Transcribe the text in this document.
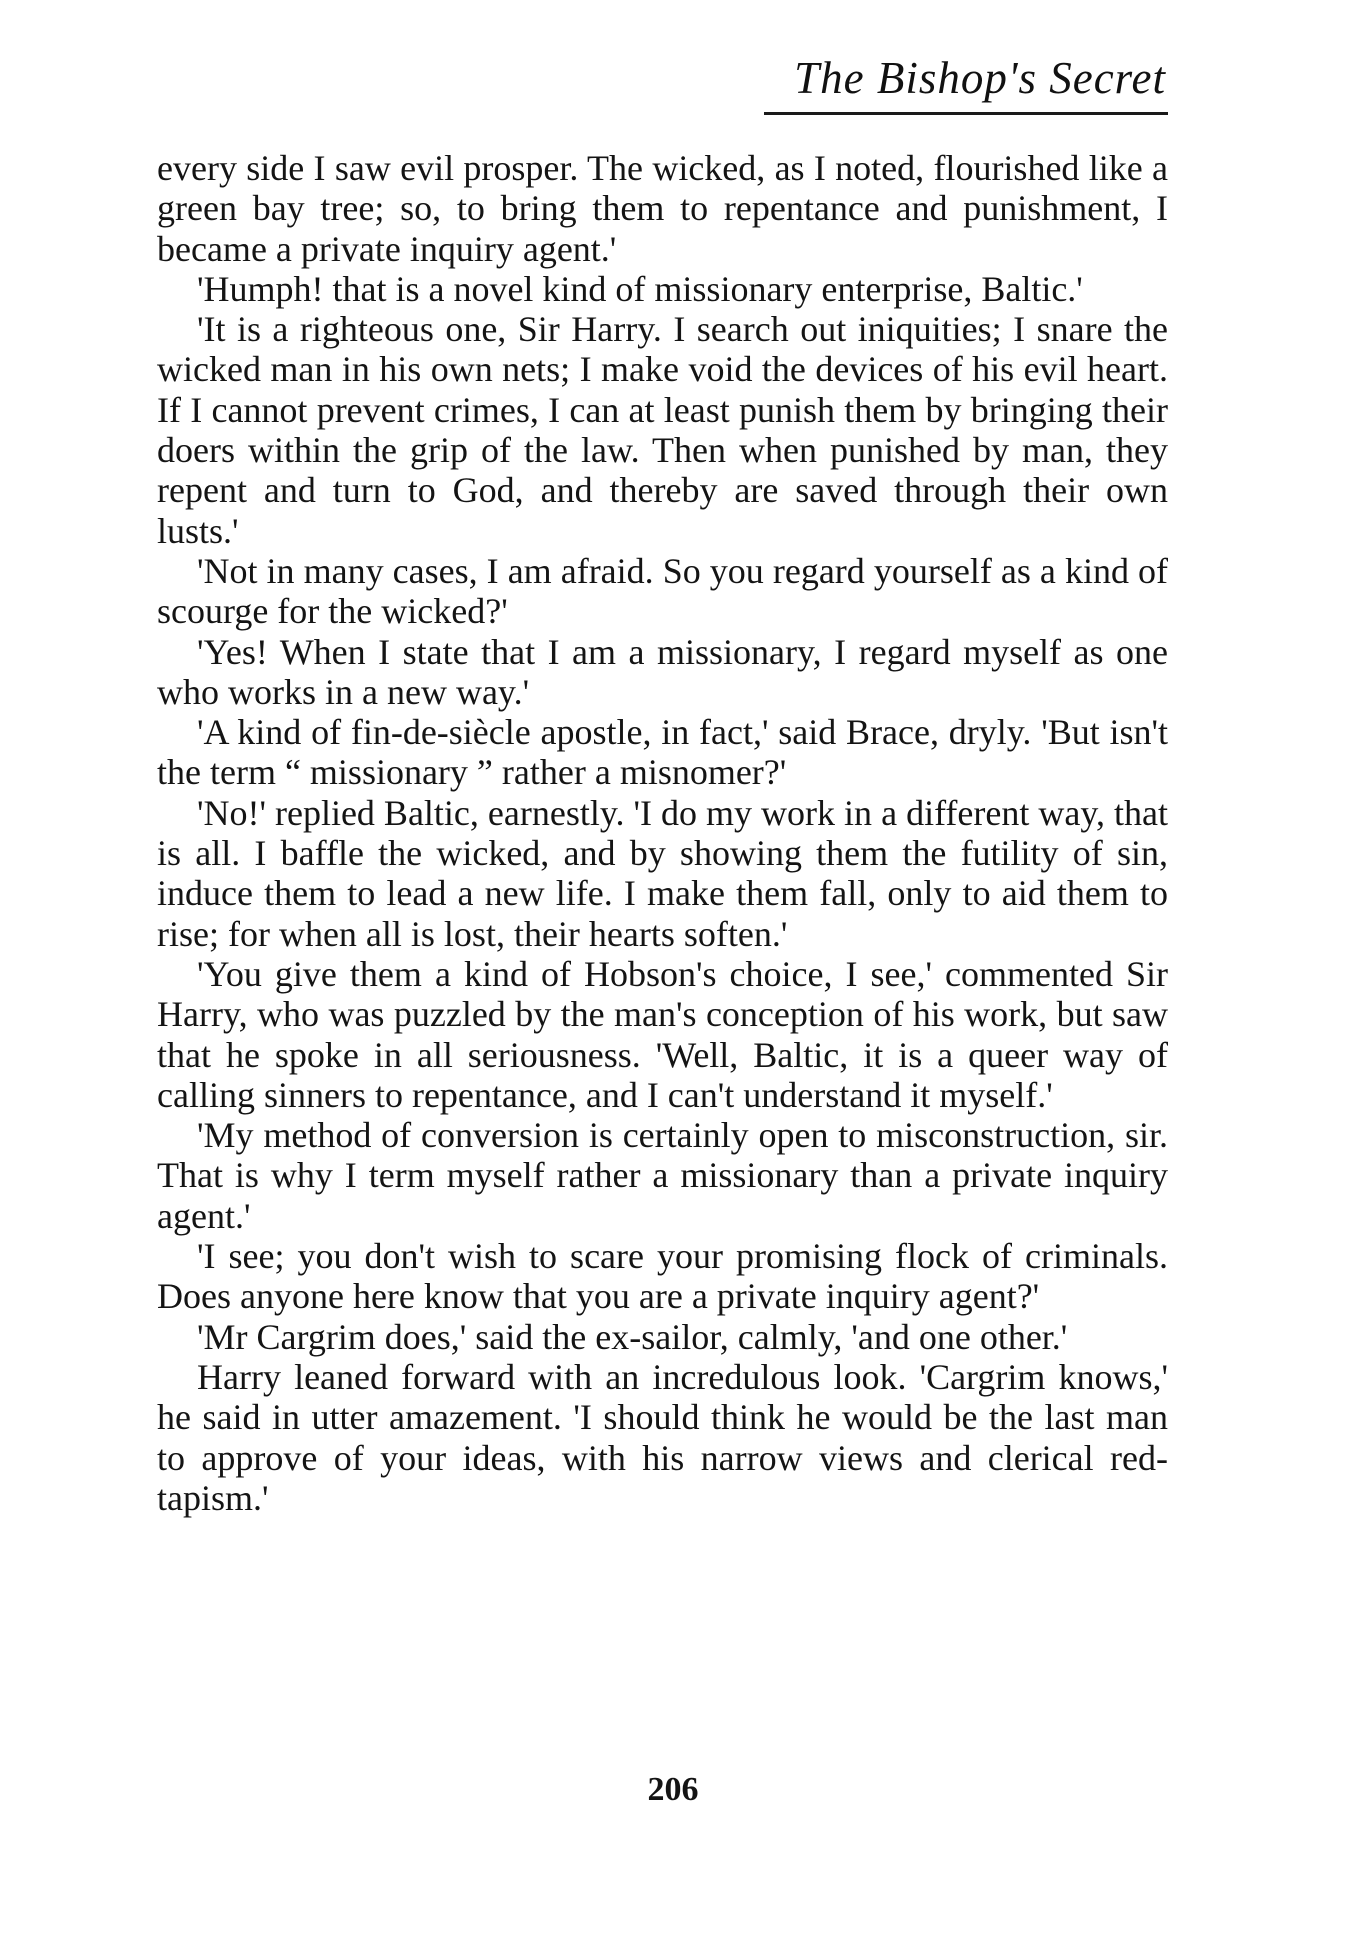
The Bishop's Secret

every side I saw evil prosper. The wicked, as I noted, flourished like a green bay tree; so, to bring them to repentance and punishment, I became a private inquiry agent.'

'Humph! that is a novel kind of missionary enterprise, Baltic.'

'It is a righteous one, Sir Harry. I search out iniquities; I snare the wicked man in his own nets; I make void the devices of his evil heart. If I cannot prevent crimes, I can at least punish them by bringing their doers within the grip of the law. Then when punished by man, they repent and turn to God, and thereby are saved through their own lusts.'

'Not in many cases, I am afraid. So you regard yourself as a kind of scourge for the wicked?'

'Yes! When I state that I am a missionary, I regard myself as one who works in a new way.'

'A kind of fin-de-siècle apostle, in fact,' said Brace, dryly. 'But isn't the term “ missionary ” rather a misnomer?'

'No!' replied Baltic, earnestly. 'I do my work in a different way, that is all. I baffle the wicked, and by showing them the futility of sin, induce them to lead a new life. I make them fall, only to aid them to rise; for when all is lost, their hearts soften.'

'You give them a kind of Hobson's choice, I see,' commented Sir Harry, who was puzzled by the man's conception of his work, but saw that he spoke in all seriousness. 'Well, Baltic, it is a queer way of calling sinners to repentance, and I can't understand it myself.'

'My method of conversion is certainly open to misconstruction, sir. That is why I term myself rather a missionary than a private inquiry agent.'

'I see; you don't wish to scare your promising flock of criminals. Does anyone here know that you are a private inquiry agent?'

'Mr Cargrim does,' said the ex-sailor, calmly, 'and one other.'

Harry leaned forward with an incredulous look. 'Cargrim knows,' he said in utter amazement. 'I should think he would be the last man to approve of your ideas, with his narrow views and clerical red-tapism.'

206
